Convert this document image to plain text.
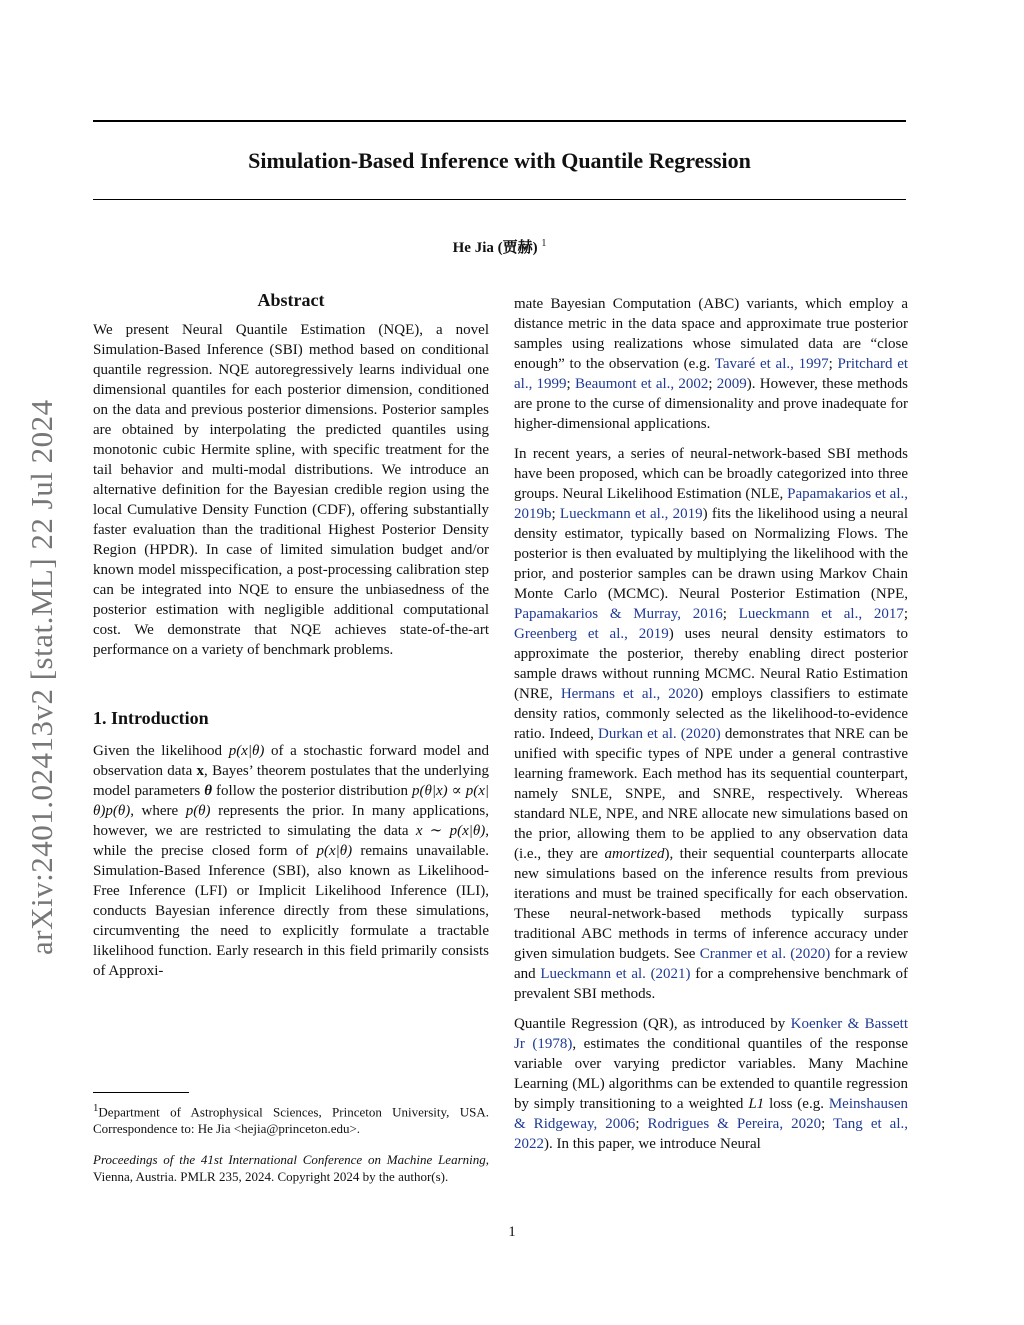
Simulation-Based Inference with Quantile Regression
He Jia (贾赫) $^1$
arXiv:2401.02413v2 [stat.ML] 22 Jul 2024
Abstract

We present Neural Quantile Estimation (NQE), a novel Simulation-Based Inference (SBI) method based on conditional quantile regression. NQE autoregressively learns individual one dimensional quantiles for each posterior dimension, conditioned on the data and previous posterior dimensions. Posterior samples are obtained by interpolating the predicted quantiles using monotonic cubic Hermite spline, with specific treatment for the tail behavior and multi-modal distributions. We introduce an alternative definition for the Bayesian credible region using the local Cumulative Density Function (CDF), offering substantially faster evaluation than the traditional Highest Posterior Density Region (HPDR). In case of limited simulation budget and/or known model misspecification, a post-processing calibration step can be integrated into NQE to ensure the unbiasedness of the posterior estimation with negligible additional computational cost. We demonstrate that NQE achieves state-of-the-art performance on a variety of benchmark problems.

1. Introduction

Given the likelihood p(x|θ) of a stochastic forward model and observation data x, Bayes’ theorem postulates that the underlying model parameters θ follow the posterior distribution p(θ|x) ∝ p(x|θ)p(θ), where p(θ) represents the prior. In many applications, however, we are restricted to simulating the data x ∼ p(x|θ), while the precise closed form of p(x|θ) remains unavailable. Simulation-Based Inference (SBI), also known as Likelihood-Free Inference (LFI) or Implicit Likelihood Inference (ILI), conducts Bayesian inference directly from these simulations, circumventing the need to explicitly formulate a tractable likelihood function. Early research in this field primarily consists of Approxi-

$^1$Department of Astrophysical Sciences, Princeton University, USA. Correspondence to: He Jia <hejia@princeton.edu>.

Proceedings of the 41st International Conference on Machine Learning, Vienna, Austria. PMLR 235, 2024. Copyright 2024 by the author(s).

mate Bayesian Computation (ABC) variants, which employ a distance metric in the data space and approximate true posterior samples using realizations whose simulated data are “close enough” to the observation (e.g. Tavaré et al., 1997; Pritchard et al., 1999; Beaumont et al., 2002; 2009). However, these methods are prone to the curse of dimensionality and prove inadequate for higher-dimensional applications.

In recent years, a series of neural-network-based SBI methods have been proposed, which can be broadly categorized into three groups. Neural Likelihood Estimation (NLE, Papamakarios et al., 2019b; Lueckmann et al., 2019) fits the likelihood using a neural density estimator, typically based on Normalizing Flows. The posterior is then evaluated by multiplying the likelihood with the prior, and posterior samples can be drawn using Markov Chain Monte Carlo (MCMC). Neural Posterior Estimation (NPE, Papamakarios & Murray, 2016; Lueckmann et al., 2017; Greenberg et al., 2019) uses neural density estimators to approximate the posterior, thereby enabling direct posterior sample draws without running MCMC. Neural Ratio Estimation (NRE, Hermans et al., 2020) employs classifiers to estimate density ratios, commonly selected as the likelihood-to-evidence ratio. Indeed, Durkan et al. (2020) demonstrates that NRE can be unified with specific types of NPE under a general contrastive learning framework. Each method has its sequential counterpart, namely SNLE, SNPE, and SNRE, respectively. Whereas standard NLE, NPE, and NRE allocate new simulations based on the prior, allowing them to be applied to any observation data (i.e., they are amortized), their sequential counterparts allocate new simulations based on the inference results from previous iterations and must be trained specifically for each observation. These neural-network-based methods typically surpass traditional ABC methods in terms of inference accuracy under given simulation budgets. See Cranmer et al. (2020) for a review and Lueckmann et al. (2021) for a comprehensive benchmark of prevalent SBI methods.

Quantile Regression (QR), as introduced by Koenker & Bassett Jr (1978), estimates the conditional quantiles of the response variable over varying predictor variables. Many Machine Learning (ML) algorithms can be extended to quantile regression by simply transitioning to a weighted L1 loss (e.g. Meinshausen & Ridgeway, 2006; Rodrigues & Pereira, 2020; Tang et al., 2022). In this paper, we introduce Neural

1
